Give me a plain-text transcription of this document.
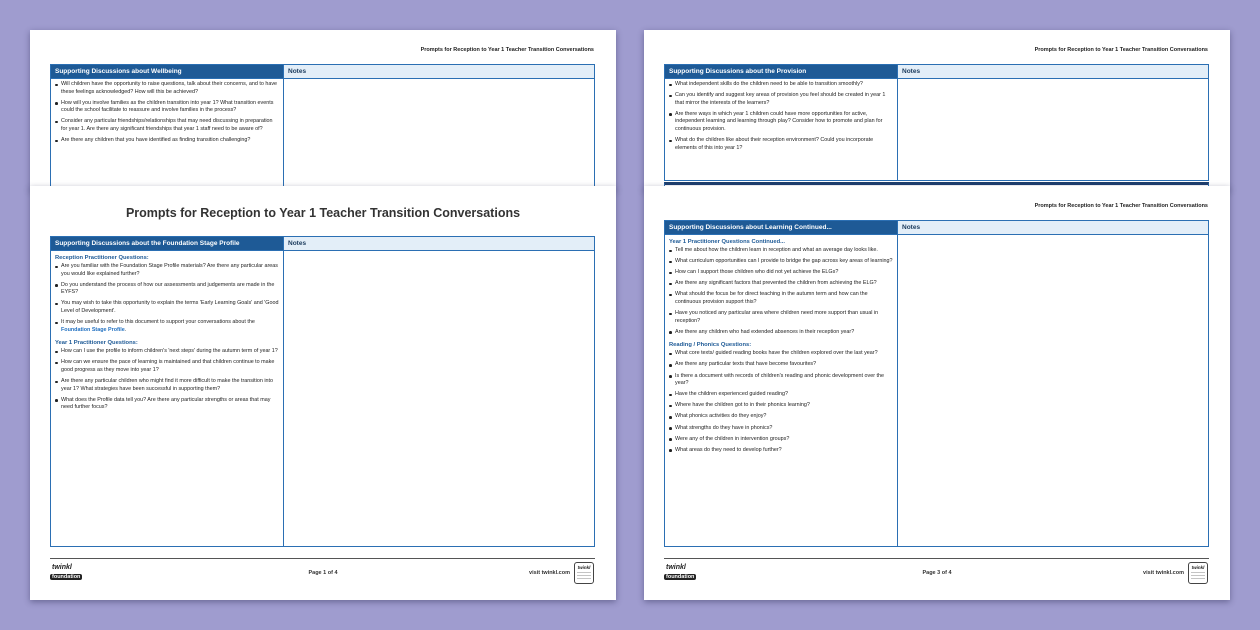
Prompts for Reception to Year 1 Teacher Transition Conversations
Supporting Discussions about Wellbeing	Notes
Will children have the opportunity to raise questions, talk about their concerns, and to have these feelings acknowledged? How will this be achieved?
How will you involve families as the children transition into year 1? What transition events could the school facilitate to reassure and involve families in the process?
Consider any particular friendships/relationships that may need discussing in preparation for year 1. Are there any significant friendships that year 1 staff need to be aware of?
Are there any children that you have identified as finding transition challenging?
Prompts for Reception to Year 1 Teacher Transition Conversations
Supporting Discussions about the Provision	Notes
What independent skills do the children need to be able to transition smoothly?
Can you identify and suggest key areas of provision you feel should be created in year 1 that mirror the interests of the learners?
Are there ways in which year 1 children could have more opportunities for active, independent learning and learning through play? Consider how to promote and plan for continuous provision.
What do the children like about their reception environment? Could you incorporate elements of this into year 1?
Prompts for Reception to Year 1 Teacher Transition Conversations
Supporting Discussions about the Foundation Stage Profile	Notes
Reception Practitioner Questions:
Are you familiar with the Foundation Stage Profile materials? Are there any particular areas you would like explained further?
Do you understand the process of how our assessments and judgements are made in the EYFS?
You may wish to take this opportunity to explain the terms 'Early Learning Goals' and 'Good Level of Development'.
It may be useful to refer to this document to support your conversations about the Foundation Stage Profile.
Year 1 Practitioner Questions:
How can I use the profile to inform children's 'next steps' during the autumn term of year 1?
How can we ensure the pace of learning is maintained and that children continue to make good progress as they move into year 1?
Are there any particular children who might find it more difficult to make the transition into year 1? What strategies have been successful in supporting them?
What does the Profile data tell you? Are there any particular strengths or areas that may need further focus?
twinkl
foundation
Page 1 of 4	visit twinkl.com
twinkl
Prompts for Reception to Year 1 Teacher Transition Conversations
Supporting Discussions about Learning Continued...	Notes
Year 1 Practitioner Questions Continued...
Tell me about how the children learn in reception and what an average day looks like.
What curriculum opportunities can I provide to bridge the gap across key areas of learning?
How can I support those children who did not yet achieve the ELGs?
Are there any significant factors that prevented the children from achieving the ELG?
What should the focus be for direct teaching in the autumn term and how can the continuous provision support this?
Have you noticed any particular area where children need more support than usual in reception?
Are there any children who had extended absences in their reception year?
Reading / Phonics Questions:
What core texts/ guided reading books have the children explored over the last year?
Are there any particular texts that have become favourites?
Is there a document with records of children's reading and phonic development over the year?
Have the children experienced guided reading?
Where have the children got to in their phonics learning?
What phonics activities do they enjoy?
What strengths do they have in phonics?
Were any of the children in intervention groups?
What areas do they need to develop further?
twinkl
foundation
Page 3 of 4	visit twinkl.com
twinkl
